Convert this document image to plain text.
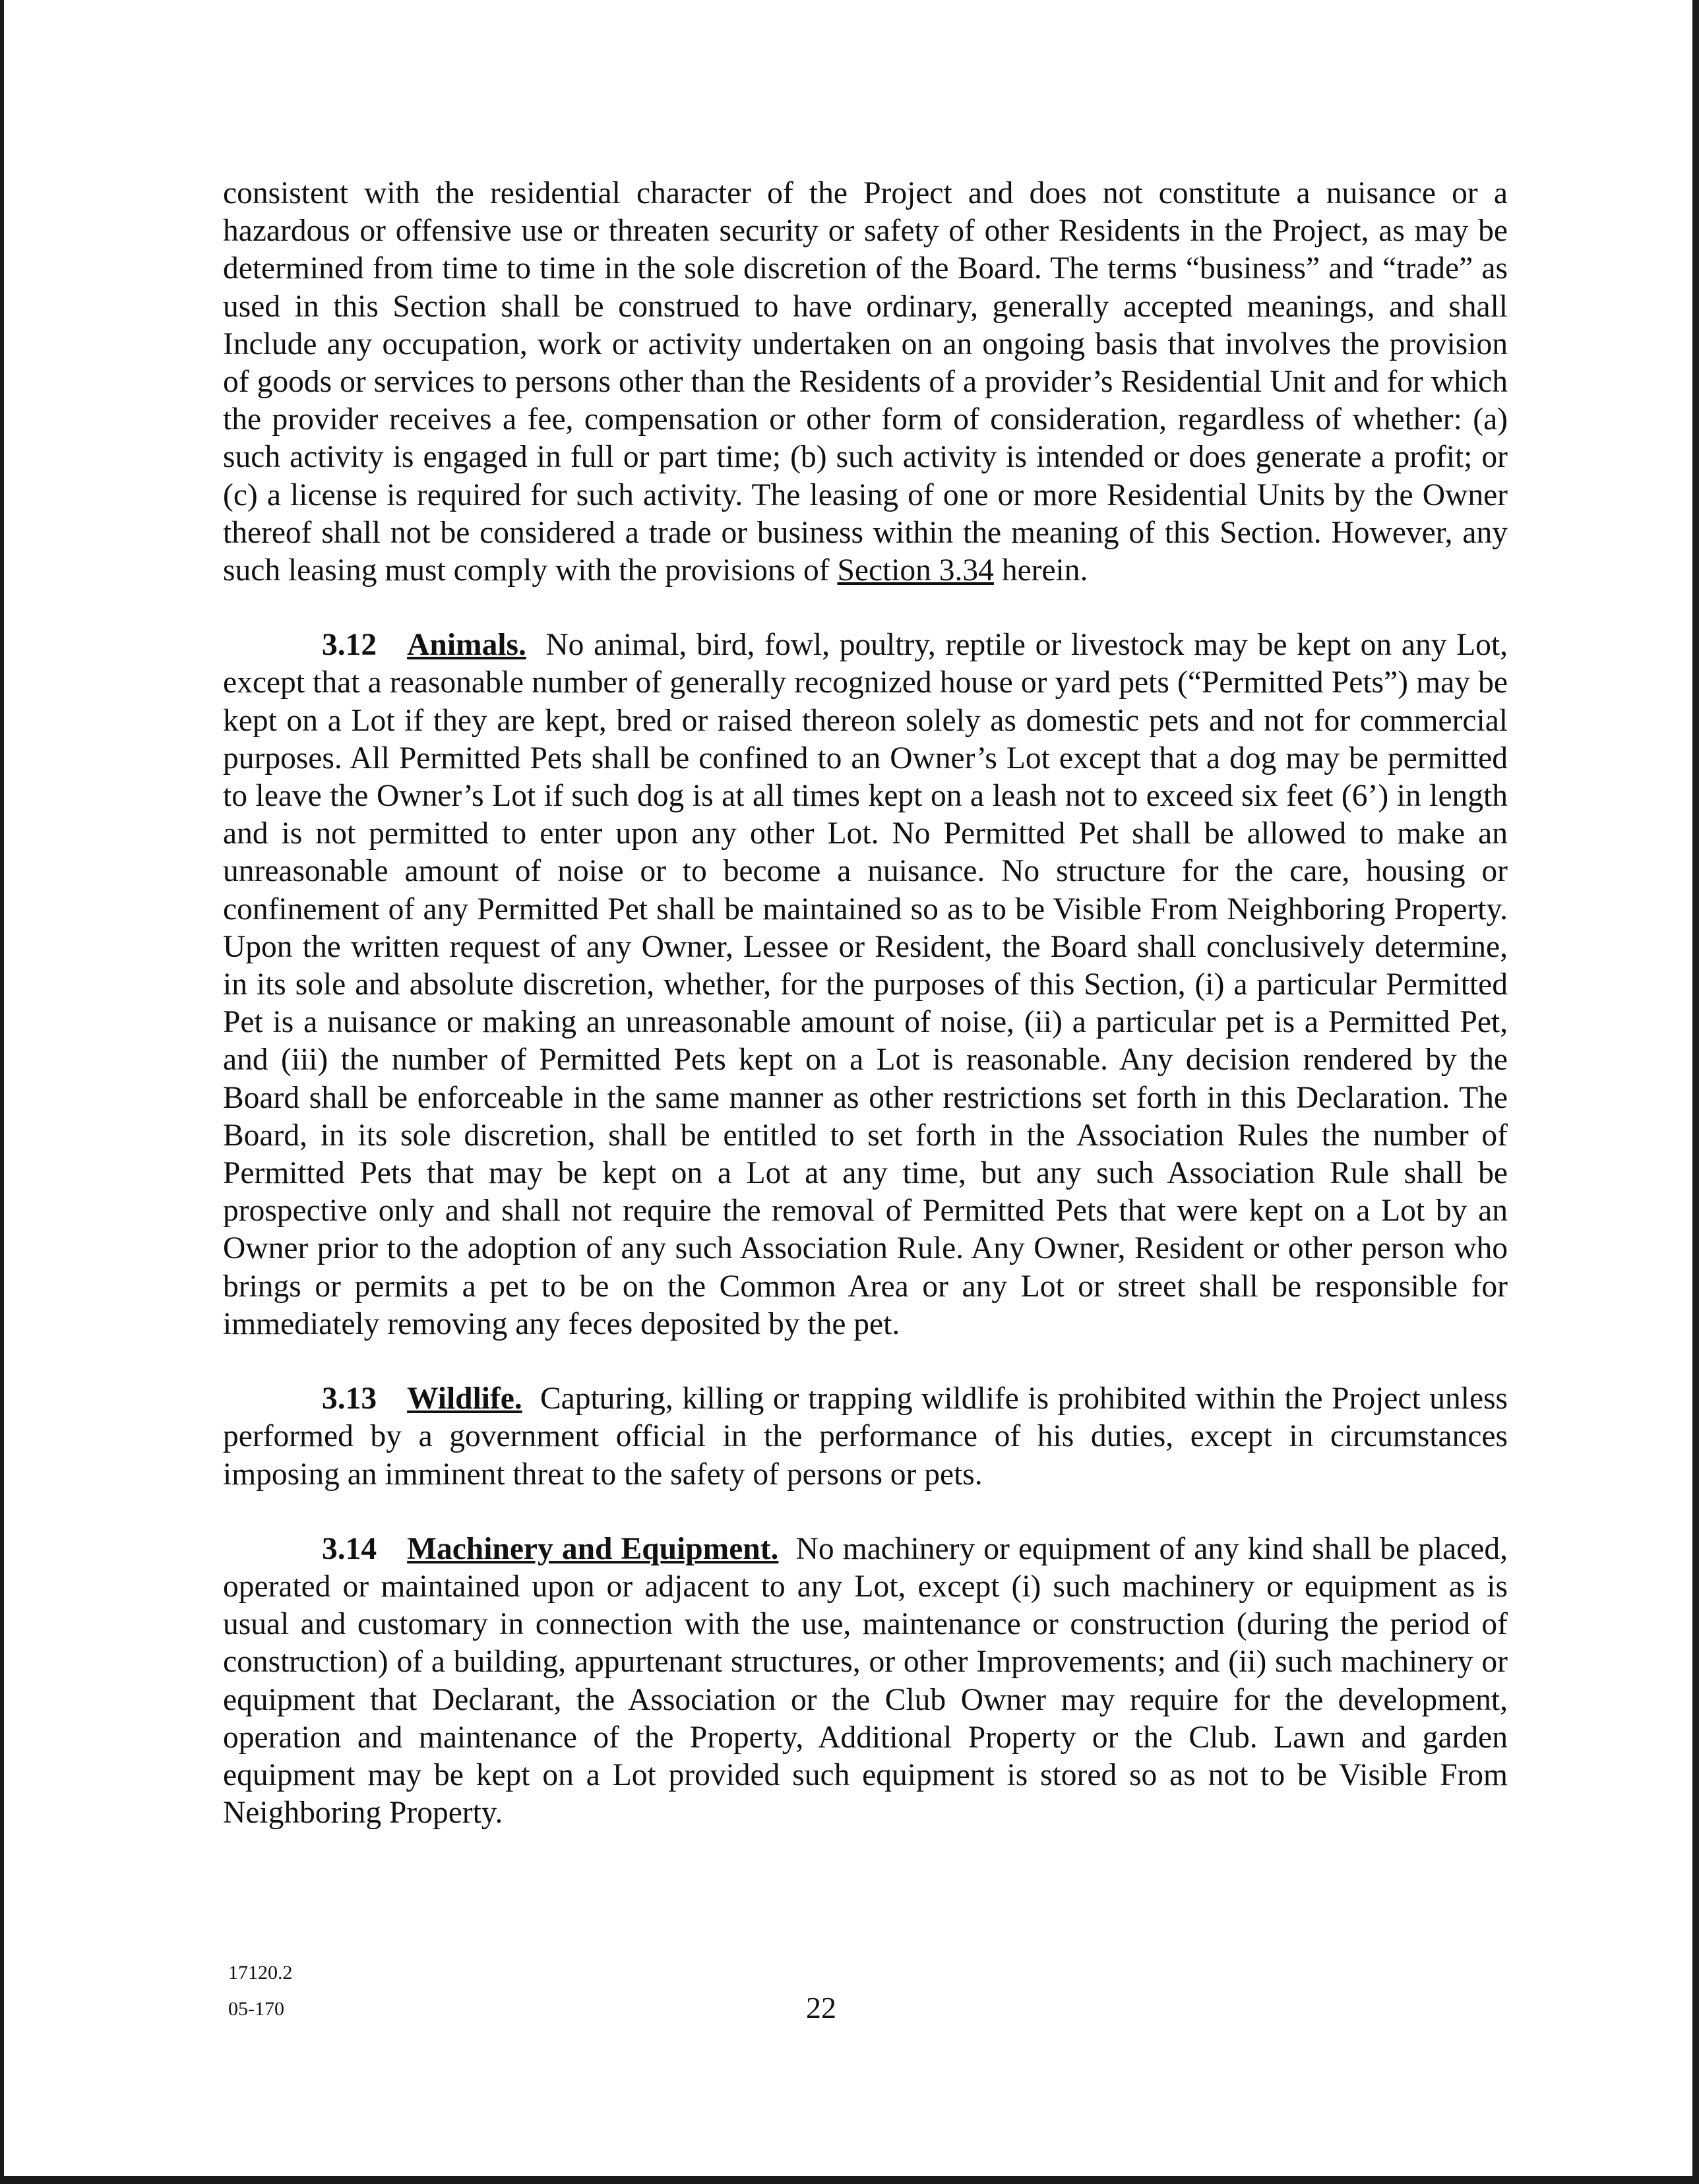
consistent with the residential character of the Project and does not constitute a nuisance or a hazardous or offensive use or threaten security or safety of other Residents in the Project, as may be determined from time to time in the sole discretion of the Board. The terms “business” and “trade” as used in this Section shall be construed to have ordinary, generally accepted meanings, and shall Include any occupation, work or activity undertaken on an ongoing basis that involves the provision of goods or services to persons other than the Residents of a provider’s Residential Unit and for which the provider receives a fee, compensation or other form of consideration, regardless of whether: (a) such activity is engaged in full or part time; (b) such activity is intended or does generate a profit; or (c) a license is required for such activity. The leasing of one or more Residential Units by the Owner thereof shall not be considered a trade or business within the meaning of this Section. However, any such leasing must comply with the provisions of Section 3.34 herein.

3.12 Animals. No animal, bird, fowl, poultry, reptile or livestock may be kept on any Lot, except that a reasonable number of generally recognized house or yard pets (“Permitted Pets”) may be kept on a Lot if they are kept, bred or raised thereon solely as domestic pets and not for commercial purposes. All Permitted Pets shall be confined to an Owner’s Lot except that a dog may be permitted to leave the Owner’s Lot if such dog is at all times kept on a leash not to exceed six feet (6’) in length and is not permitted to enter upon any other Lot. No Permitted Pet shall be allowed to make an unreasonable amount of noise or to become a nuisance. No structure for the care, housing or confinement of any Permitted Pet shall be maintained so as to be Visible From Neighboring Property. Upon the written request of any Owner, Lessee or Resident, the Board shall conclusively determine, in its sole and absolute discretion, whether, for the purposes of this Section, (i) a particular Permitted Pet is a nuisance or making an unreasonable amount of noise, (ii) a particular pet is a Permitted Pet, and (iii) the number of Permitted Pets kept on a Lot is reasonable. Any decision rendered by the Board shall be enforceable in the same manner as other restrictions set forth in this Declaration. The Board, in its sole discretion, shall be entitled to set forth in the Association Rules the number of Permitted Pets that may be kept on a Lot at any time, but any such Association Rule shall be prospective only and shall not require the removal of Permitted Pets that were kept on a Lot by an Owner prior to the adoption of any such Association Rule. Any Owner, Resident or other person who brings or permits a pet to be on the Common Area or any Lot or street shall be responsible for immediately removing any feces deposited by the pet.

3.13 Wildlife. Capturing, killing or trapping wildlife is prohibited within the Project unless performed by a government official in the performance of his duties, except in circumstances imposing an imminent threat to the safety of persons or pets.

3.14 Machinery and Equipment. No machinery or equipment of any kind shall be placed, operated or maintained upon or adjacent to any Lot, except (i) such machinery or equipment as is usual and customary in connection with the use, maintenance or construction (during the period of construction) of a building, appurtenant structures, or other Improvements; and (ii) such machinery or equipment that Declarant, the Association or the Club Owner may require for the development, operation and maintenance of the Property, Additional Property or the Club. Lawn and garden equipment may be kept on a Lot provided such equipment is stored so as not to be Visible From Neighboring Property.

17120.2
05-170	22
